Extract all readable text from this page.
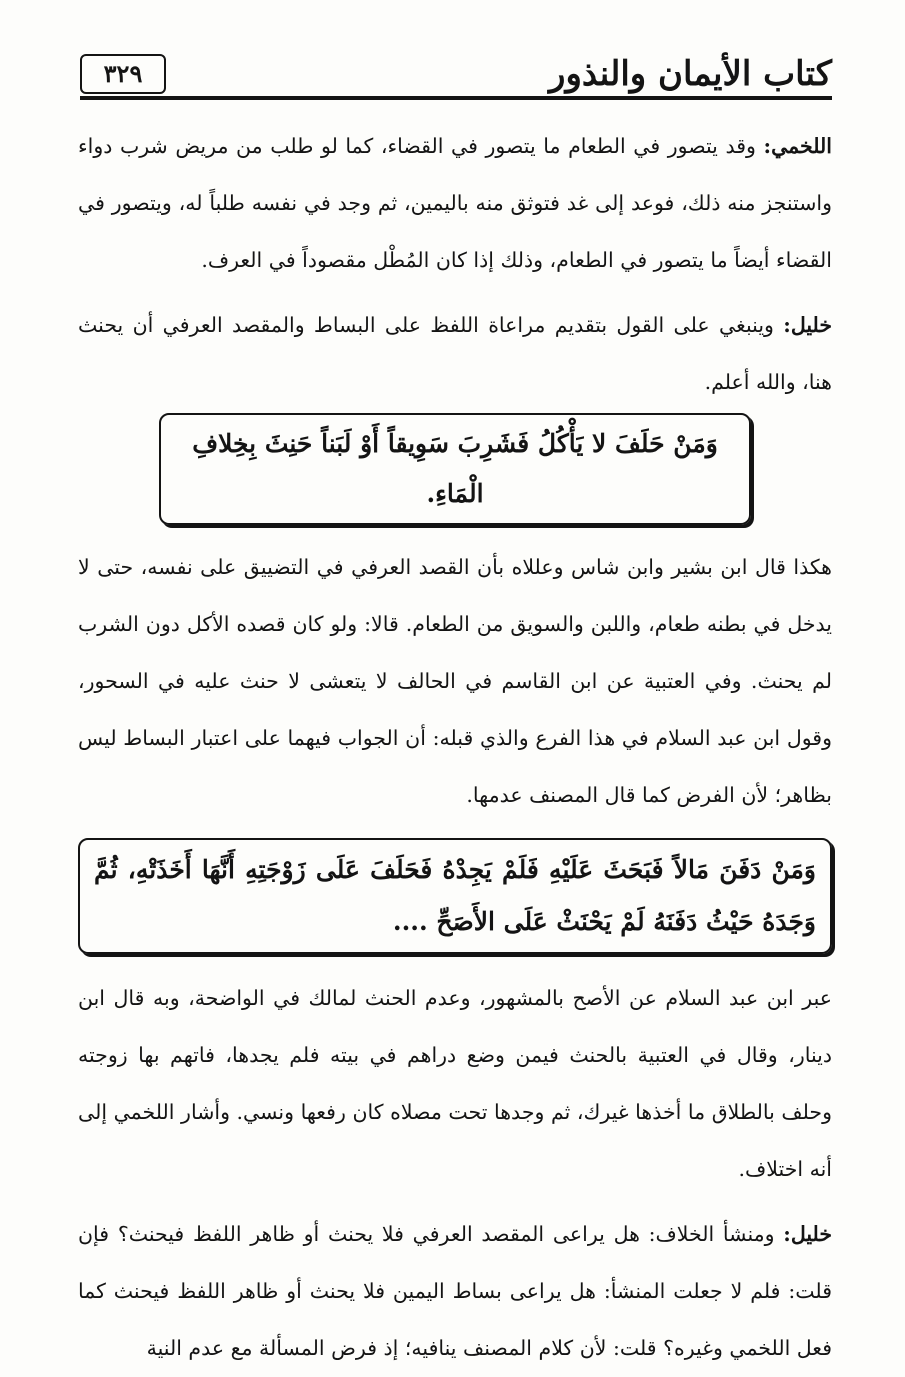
كتاب الأيمان والنذور
٣٢٩

اللخمي: وقد يتصور في الطعام ما يتصور في القضاء، كما لو طلب من مريض شرب دواء واستنجز منه ذلك، فوعد إلى غد فتوثق منه باليمين، ثم وجد في نفسه طلباً له، ويتصور في القضاء أيضاً ما يتصور في الطعام، وذلك إذا كان المُطْل مقصوداً في العرف.

خليل: وينبغي على القول بتقديم مراعاة اللفظ على البساط والمقصد العرفي أن يحنث هنا، والله أعلم.

وَمَنْ حَلَفَ لا يَأْكُلُ فَشَرِبَ سَوِيقاً أَوْ لَبَناً حَنِثَ بِخِلافِ الْمَاءِ.

هكذا قال ابن بشير وابن شاس وعللاه بأن القصد العرفي في التضييق على نفسه، حتى لا يدخل في بطنه طعام، واللبن والسويق من الطعام. قالا: ولو كان قصده الأكل دون الشرب لم يحنث. وفي العتبية عن ابن القاسم في الحالف لا يتعشى لا حنث عليه في السحور، وقول ابن عبد السلام في هذا الفرع والذي قبله: أن الجواب فيهما على اعتبار البساط ليس بظاهر؛ لأن الفرض كما قال المصنف عدمها.

وَمَنْ دَفَنَ مَالاً فَبَحَثَ عَلَيْهِ فَلَمْ يَجِدْهُ فَحَلَفَ عَلَى زَوْجَتِهِ أَنَّهَا أَخَذَتْهِ، ثُمَّ وَجَدَهُ حَيْثُ دَفَنَهُ لَمْ يَحْنَثْ عَلَى الأَصَحِّ ....

عبر ابن عبد السلام عن الأصح بالمشهور، وعدم الحنث لمالك في الواضحة، وبه قال ابن دينار، وقال في العتبية بالحنث فيمن وضع دراهم في بيته فلم يجدها، فاتهم بها زوجته وحلف بالطلاق ما أخذها غيرك، ثم وجدها تحت مصلاه كان رفعها ونسي. وأشار اللخمي إلى أنه اختلاف.

خليل: ومنشأ الخلاف: هل يراعى المقصد العرفي فلا يحنث أو ظاهر اللفظ فيحنث؟ فإن قلت: فلم لا جعلت المنشأ: هل يراعى بساط اليمين فلا يحنث أو ظاهر اللفظ فيحنث كما فعل اللخمي وغيره؟ قلت: لأن كلام المصنف ينافيه؛ إذ فرض المسألة مع عدم النية
